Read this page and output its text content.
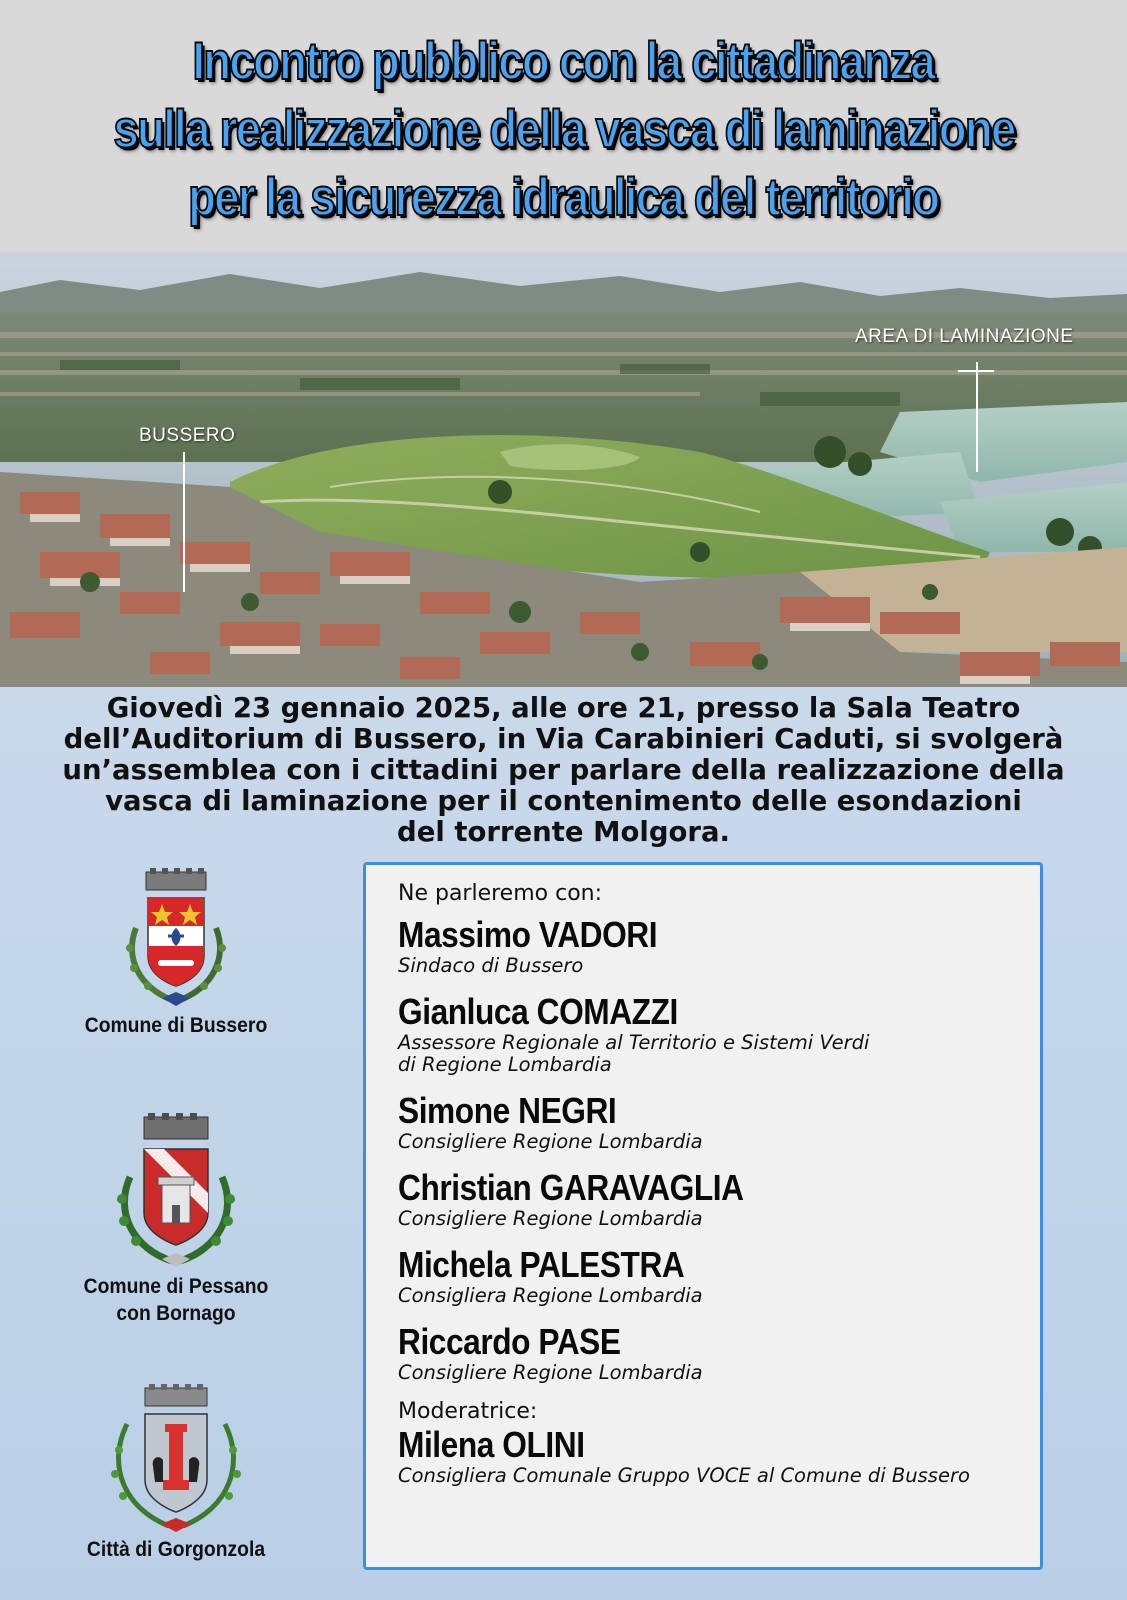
Incontro pubblico con la cittadinanza
sulla realizzazione della vasca di laminazione
per la sicurezza idraulica del territorio
BUSSERO
AREA DI LAMINAZIONE
Giovedì 23 gennaio 2025, alle ore 21, presso la Sala Teatro
dell’Auditorium di Bussero, in Via Carabinieri Caduti, si svolgerà
un’assemblea con i cittadini per parlare della realizzazione della
vasca di laminazione per il contenimento delle esondazioni
del torrente Molgora.
Comune di Bussero
Comune di Pessano
con Bornago
Città di Gorgonzola
Ne parleremo con:
Massimo VADORI
Sindaco di Bussero
Gianluca COMAZZI
Assessore Regionale al Territorio e Sistemi Verdi
di Regione Lombardia
Simone NEGRI
Consigliere Regione Lombardia
Christian GARAVAGLIA
Consigliere Regione Lombardia
Michela PALESTRA
Consigliera Regione Lombardia
Riccardo PASE
Consigliere Regione Lombardia
Moderatrice:
Milena OLINI
Consigliera Comunale Gruppo VOCE al Comune di Bussero
